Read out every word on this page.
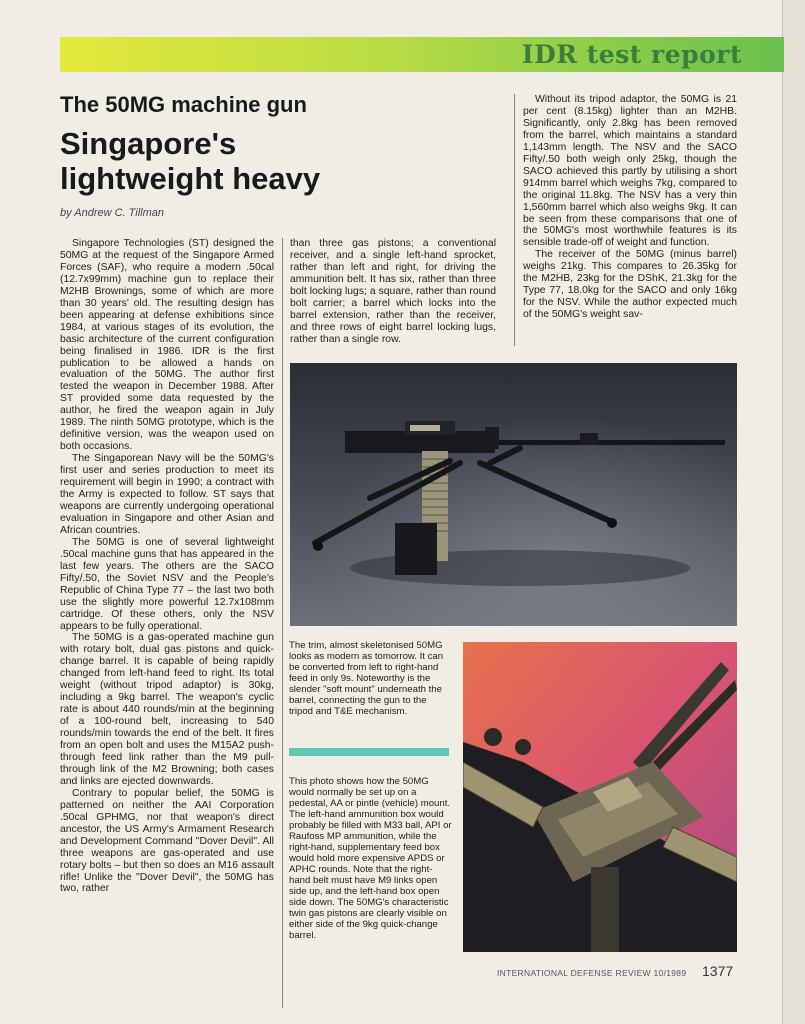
IDR test report
The 50MG machine gun
Singapore's lightweight heavy
by Andrew C. Tillman

Singapore Technologies (ST) designed the 50MG at the request of the Singapore Armed Forces (SAF), who require a modern .50cal (12.7x99mm) machine gun to replace their M2HB Brownings, some of which are more than 30 years' old. The resulting design has been appearing at defense exhibitions since 1984, at various stages of its evolution, the basic architecture of the current configuration being finalised in 1986. IDR is the first publication to be allowed a hands on evaluation of the 50MG. The author first tested the weapon in December 1988. After ST provided some data requested by the author, he fired the weapon again in July 1989. The ninth 50MG prototype, which is the definitive version, was the weapon used on both occasions.

The Singaporean Navy will be the 50MG's first user and series production to meet its requirement will begin in 1990; a contract with the Army is expected to follow. ST says that weapons are currently undergoing operational evaluation in Singapore and other Asian and African countries.

The 50MG is one of several lightweight .50cal machine guns that has appeared in the last few years. The others are the SACO Fifty/.50, the Soviet NSV and the People's Republic of China Type 77 – the last two both use the slightly more powerful 12.7x108mm cartridge. Of these others, only the NSV appears to be fully operational.

The 50MG is a gas-operated machine gun with rotary bolt, dual gas pistons and quick-change barrel. It is capable of being rapidly changed from left-hand feed to right. Its total weight (without tripod adaptor) is 30kg, including a 9kg barrel. The weapon's cyclic rate is about 440 rounds/min at the beginning of a 100-round belt, increasing to 540 rounds/min towards the end of the belt. It fires from an open bolt and uses the M15A2 push-through feed link rather than the M9 pull-through link of the M2 Browning; both cases and links are ejected downwards.

Contrary to popular belief, the 50MG is patterned on neither the AAI Corporation .50cal GPHMG, nor that weapon's direct ancestor, the US Army's Armament Research and Development Command "Dover Devil". All three weapons are gas-operated and use rotary bolts – but then so does an M16 assault rifle! Unlike the "Dover Devil", the 50MG has two, rather

than three gas pistons; a conventional receiver, and a single left-hand sprocket, rather than left and right, for driving the ammunition belt. It has six, rather than three bolt locking lugs; a square, rather than round bolt carrier; a barrel which locks into the barrel extension, rather than the receiver, and three rows of eight barrel locking lugs, rather than a single row.

Without its tripod adaptor, the 50MG is 21 per cent (8.15kg) lighter than an M2HB. Significantly, only 2.8kg has been removed from the barrel, which maintains a standard 1,143mm length. The NSV and the SACO Fifty/.50 both weigh only 25kg, though the SACO achieved this partly by utilising a short 914mm barrel which weighs 7kg, compared to the original 11.8kg. The NSV has a very thin 1,560mm barrel which also weighs 9kg. It can be seen from these comparisons that one of the 50MG's most worthwhile features is its sensible trade-off of weight and function.

The receiver of the 50MG (minus barrel) weighs 21kg. This compares to 26.35kg for the M2HB, 23kg for the DShK, 21.3kg for the Type 77, 18.0kg for the SACO and only 16kg for the NSV. While the author expected much of the 50MG's weight sav-

The trim, almost skeletonised 50MG looks as modern as tomorrow. It can be converted from left to right-hand feed in only 9s. Noteworthy is the slender "soft mount" underneath the barrel, connecting the gun to the tripod and T&E mechanism.
This photo shows how the 50MG would normally be set up on a pedestal, AA or pintle (vehicle) mount. The left-hand ammunition box would probably be filled with M33 ball, API or Raufoss MP ammunition, while the right-hand, supplementary feed box would hold more expensive APDS or APHC rounds. Note that the right-hand belt must have M9 links open side up, and the left-hand box open side down. The 50MG's characteristic twin gas pistons are clearly visible on either side of the 9kg quick-change barrel.
INTERNATIONAL DEFENSE REVIEW 10/1989 1377
